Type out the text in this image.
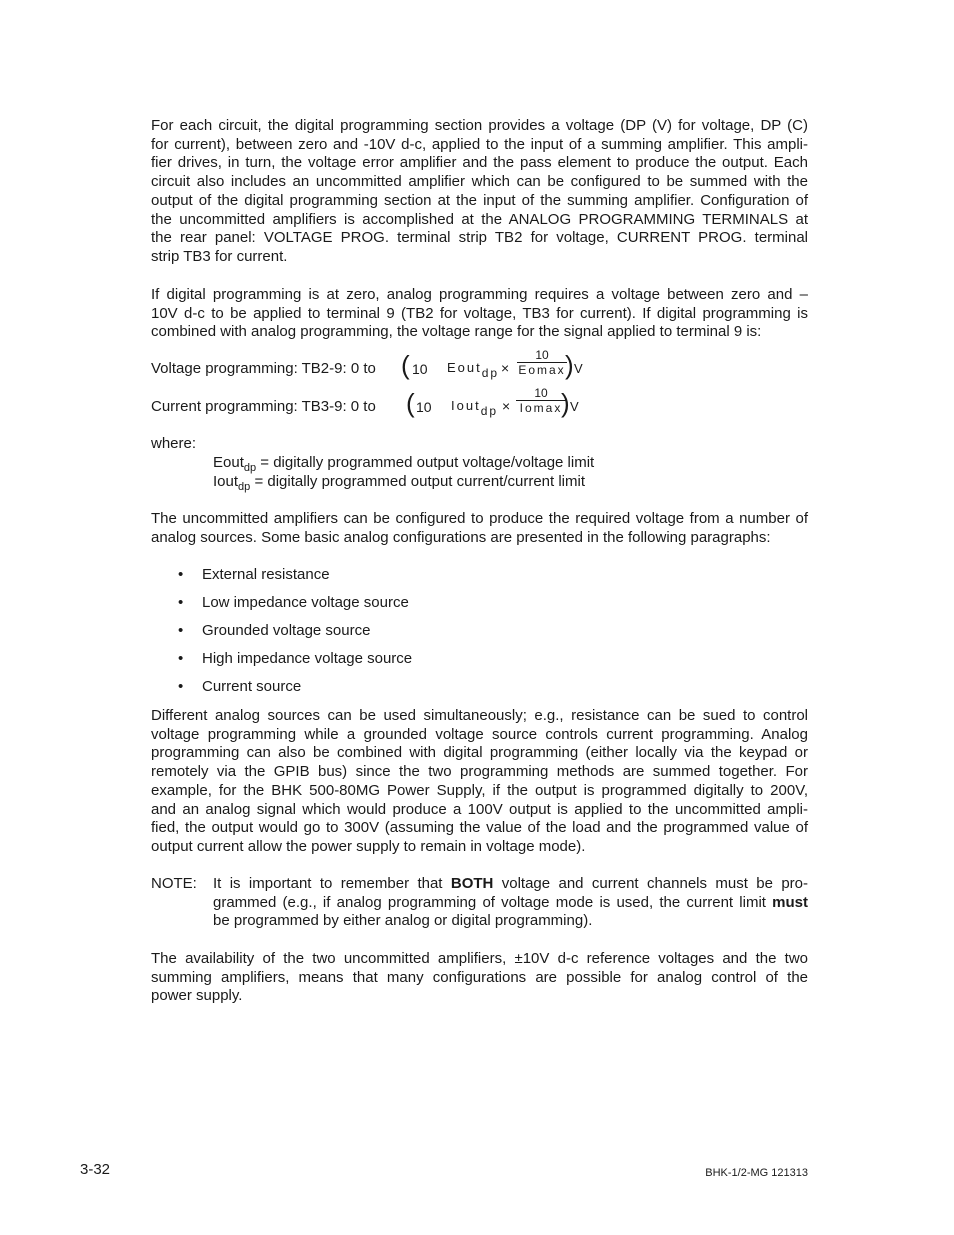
For each circuit, the digital programming section provides a voltage (DP (V) for voltage, DP (C)
for current), between zero and -10V d-c, applied to the input of a summing amplifier. This ampli-
fier drives, in turn, the voltage error amplifier and the pass element to produce the output. Each
circuit also includes an uncommitted amplifier which can be configured to be summed with the
output of the digital programming section at the input of the summing amplifier. Configuration of
the uncommitted amplifiers is accomplished at the ANALOG PROGRAMMING TERMINALS at
the rear panel: VOLTAGE PROG. terminal strip TB2 for voltage, CURRENT PROG. terminal
strip TB3 for current.
If digital programming is at zero, analog programming requires a voltage between zero and –
10V d-c to be applied to terminal 9 (TB2 for voltage, TB3 for current). If digital programming is
combined with analog programming, the voltage range for the signal applied to terminal 9 is:
Voltage programming: TB2-9: 0 to ( 10 Eoutdp ×
10
Eomax ) V
Current programming: TB3-9: 0 to ( 10 Ioutdp ×
10
Iomax
) V
where:
Eout$_{dp}$ = digitally programmed output voltage/voltage limit
Iout$_{dp}$ = digitally programmed output current/current limit
The uncommitted amplifiers can be configured to produce the required voltage from a number of
analog sources. Some basic analog configurations are presented in the following paragraphs:
• External resistance
• Low impedance voltage source
• Grounded voltage source
• High impedance voltage source
• Current source
Different analog sources can be used simultaneously; e.g., resistance can be sued to control
voltage programming while a grounded voltage source controls current programming. Analog
programming can also be combined with digital programming (either locally via the keypad or
remotely via the GPIB bus) since the two programming methods are summed together. For
example, for the BHK 500-80MG Power Supply, if the output is programmed digitally to 200V,
and an analog signal which would produce a 100V output is applied to the uncommitted ampli-
fied, the output would go to 300V (assuming the value of the load and the programmed value of
output current allow the power supply to remain in voltage mode).
NOTE: It is important to remember that BOTH voltage and current channels must be pro-
grammed (e.g., if analog programming of voltage mode is used, the current limit must
be programmed by either analog or digital programming).
The availability of the two uncommitted amplifiers, ±10V d-c reference voltages and the two
summing amplifiers, means that many configurations are possible for analog control of the
power supply.
3-32	BHK-1/2-MG 121313
